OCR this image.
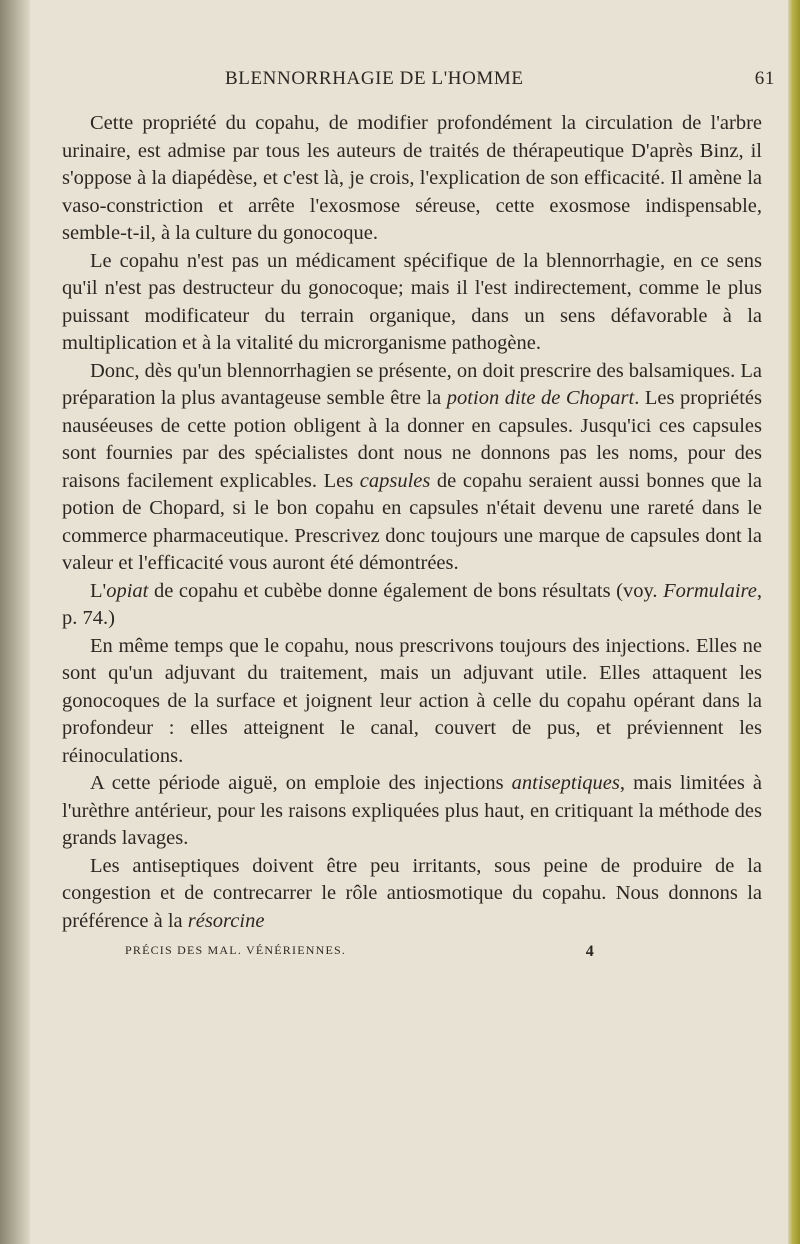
BLENNORRHAGIE DE L'HOMME	61

Cette propriété du copahu, de modifier profondément la circulation de l'arbre urinaire, est admise par tous les auteurs de traités de thérapeutique D'après Binz, il s'oppose à la diapédèse, et c'est là, je crois, l'explication de son efficacité. Il amène la vaso-constriction et arrête l'exosmose séreuse, cette exosmose indispensable, semble-t-il, à la culture du gonocoque.

Le copahu n'est pas un médicament spécifique de la blennorrhagie, en ce sens qu'il n'est pas destructeur du gonocoque; mais il l'est indirectement, comme le plus puissant modificateur du terrain organique, dans un sens défavorable à la multiplication et à la vitalité du microrganisme pathogène.

Donc, dès qu'un blennorrhagien se présente, on doit prescrire des balsamiques. La préparation la plus avantageuse semble être la potion dite de Chopart. Les propriétés nauséeuses de cette potion obligent à la donner en capsules. Jusqu'ici ces capsules sont fournies par des spécialistes dont nous ne donnons pas les noms, pour des raisons facilement explicables. Les capsules de copahu seraient aussi bonnes que la potion de Chopard, si le bon copahu en capsules n'était devenu une rareté dans le commerce pharmaceutique. Prescrivez donc toujours une marque de capsules dont la valeur et l'efficacité vous auront été démontrées.

L'opiat de copahu et cubèbe donne également de bons résultats (voy. Formulaire, p. 74.)

En même temps que le copahu, nous prescrivons toujours des injections. Elles ne sont qu'un adjuvant du traitement, mais un adjuvant utile. Elles attaquent les gonocoques de la surface et joignent leur action à celle du copahu opérant dans la profondeur : elles atteignent le canal, couvert de pus, et préviennent les réinoculations.

A cette période aiguë, on emploie des injections antiseptiques, mais limitées à l'urèthre antérieur, pour les raisons expliquées plus haut, en critiquant la méthode des grands lavages.

Les antiseptiques doivent être peu irritants, sous peine de produire de la congestion et de contrecarrer le rôle antiosmotique du copahu. Nous donnons la préférence à la résorcine

PRÉCIS DES MAL. VÉNÉRIENNES.	4
